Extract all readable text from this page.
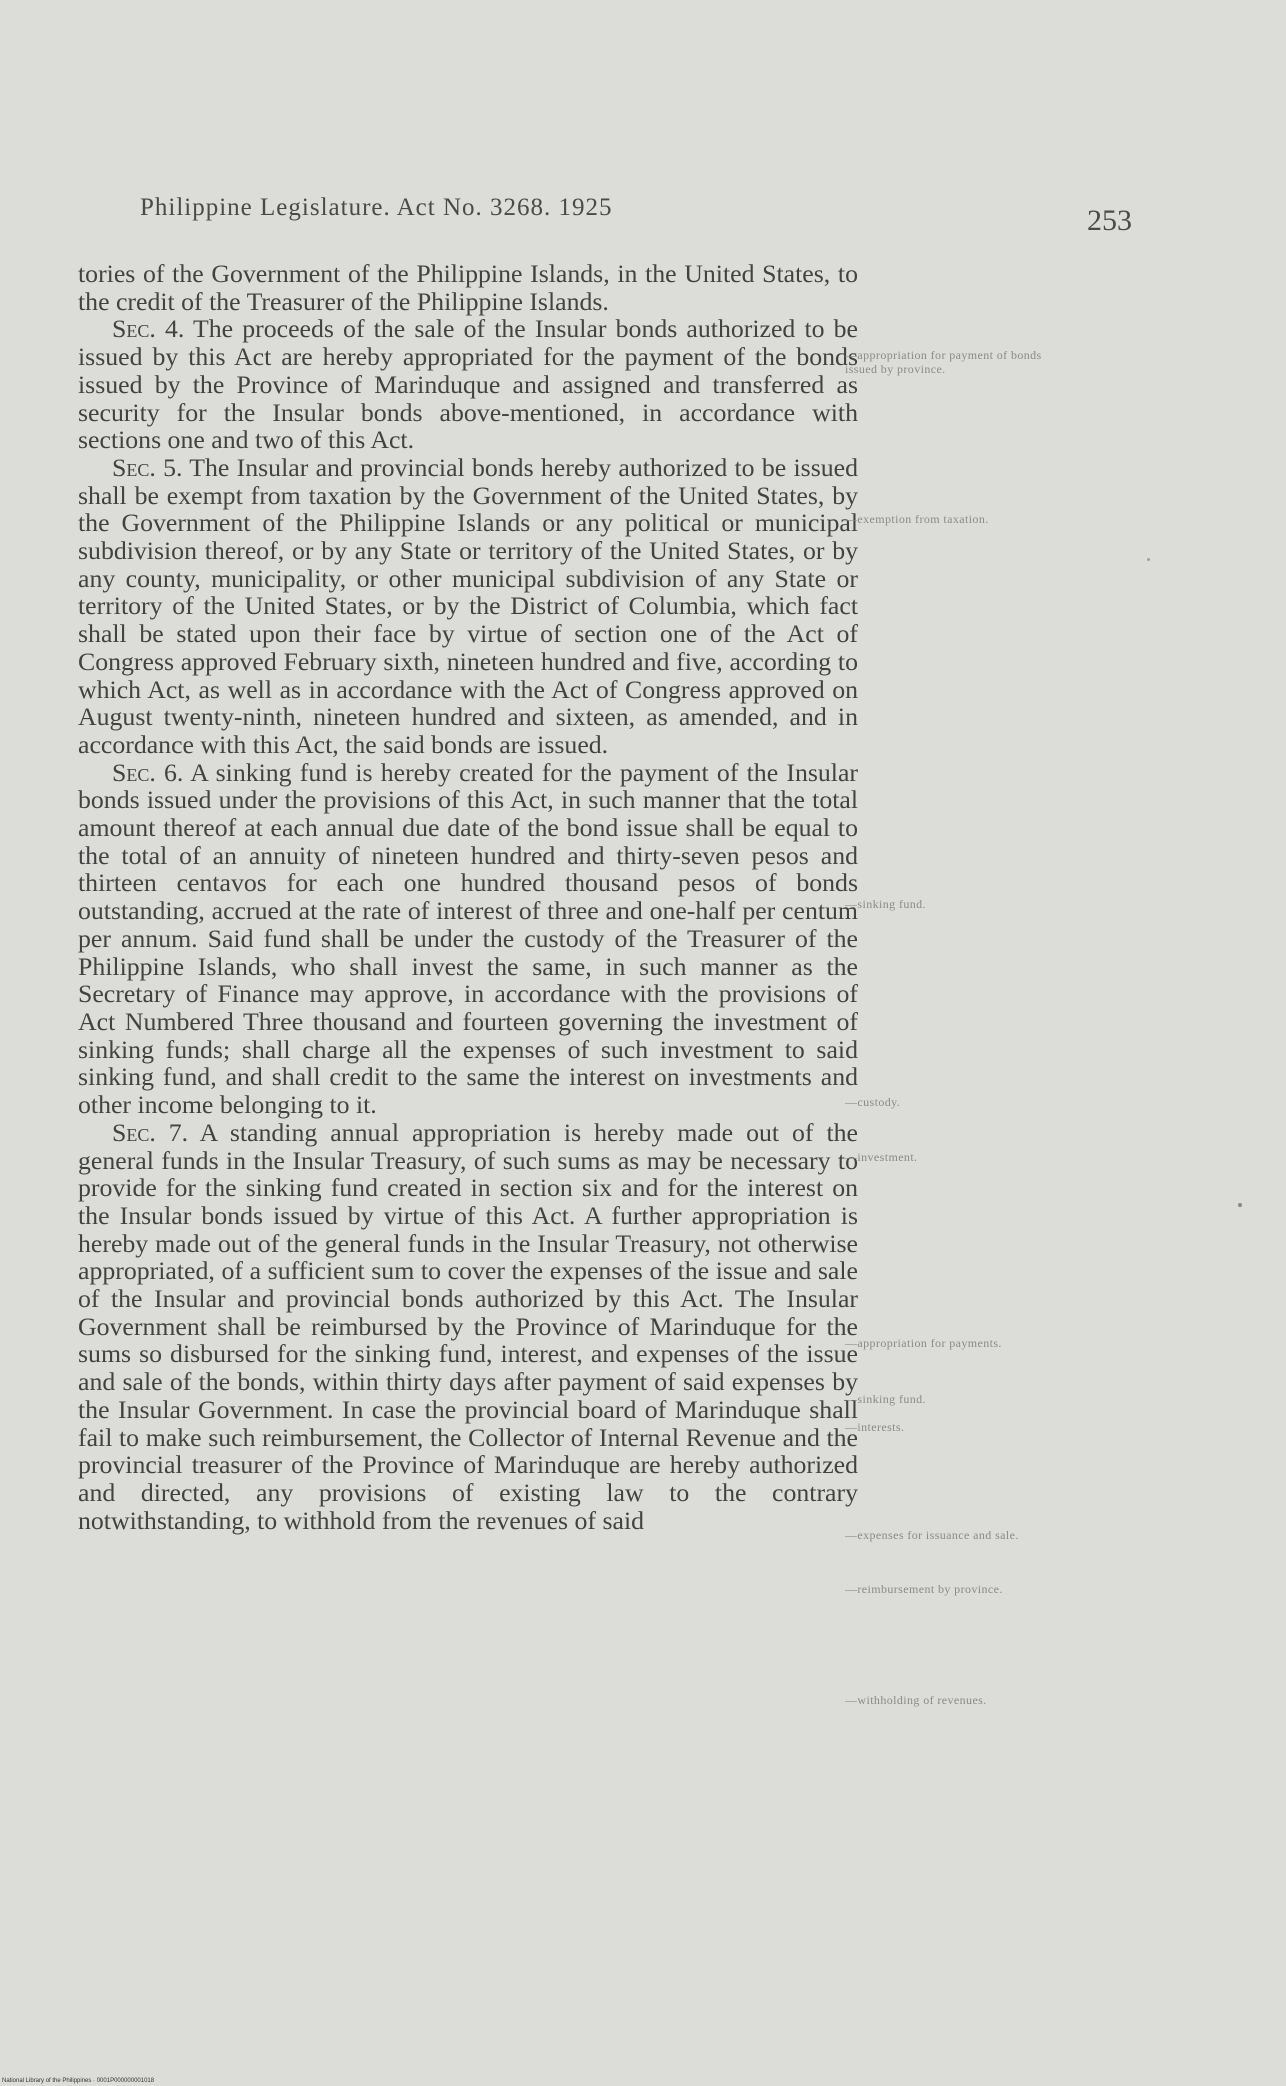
Philippine Legislature. Act No. 3268. 1925	253

tories of the Government of the Philippine Islands, in the United States, to the credit of the Treasurer of the Philippine Islands.

Sec. 4. The proceeds of the sale of the Insular bonds authorized to be issued by this Act are hereby appropriated for the payment of the bonds issued by the Province of Marinduque and assigned and transferred as security for the Insular bonds above-mentioned, in accordance with sections one and two of this Act.

Sec. 5. The Insular and provincial bonds hereby authorized to be issued shall be exempt from taxation by the Government of the United States, by the Government of the Philippine Islands or any political or municipal subdivision thereof, or by any State or territory of the United States, or by any county, municipality, or other municipal subdivision of any State or territory of the United States, or by the District of Columbia, which fact shall be stated upon their face by virtue of section one of the Act of Congress approved February sixth, nineteen hundred and five, according to which Act, as well as in accordance with the Act of Congress approved on August twenty-ninth, nineteen hundred and sixteen, as amended, and in accordance with this Act, the said bonds are issued.

Sec. 6. A sinking fund is hereby created for the payment of the Insular bonds issued under the provisions of this Act, in such manner that the total amount thereof at each annual due date of the bond issue shall be equal to the total of an annuity of nineteen hundred and thirty-seven pesos and thirteen centavos for each one hundred thousand pesos of bonds outstanding, accrued at the rate of interest of three and one-half per centum per annum. Said fund shall be under the custody of the Treasurer of the Philippine Islands, who shall invest the same, in such manner as the Secretary of Finance may approve, in accordance with the provisions of Act Numbered Three thousand and fourteen governing the investment of sinking funds; shall charge all the expenses of such investment to said sinking fund, and shall credit to the same the interest on investments and other income belonging to it.

Sec. 7. A standing annual appropriation is hereby made out of the general funds in the Insular Treasury, of such sums as may be necessary to provide for the sinking fund created in section six and for the interest on the Insular bonds issued by virtue of this Act. A further appropriation is hereby made out of the general funds in the Insular Treasury, not otherwise appropriated, of a sufficient sum to cover the expenses of the issue and sale of the Insular and provincial bonds authorized by this Act. The Insular Government shall be reimbursed by the Province of Marinduque for the sums so disbursed for the sinking fund, interest, and expenses of the issue and sale of the bonds, within thirty days after payment of said expenses by the Insular Government. In case the provincial board of Marinduque shall fail to make such reimbursement, the Collector of Internal Revenue and the provincial treasurer of the Province of Marinduque are hereby authorized and directed, any provisions of existing law to the contrary notwithstanding, to withhold from the revenues of said

—appropriation for payment of bonds issued by province.
—exemption from taxation.
—sinking fund.
—custody.
—investment.
—appropriation for payments.
—sinking fund.
—interests.
—expenses for issuance and sale.
—reimbursement by province.
—withholding of revenues.
National Library of the Philippines · 0001P000000001018
